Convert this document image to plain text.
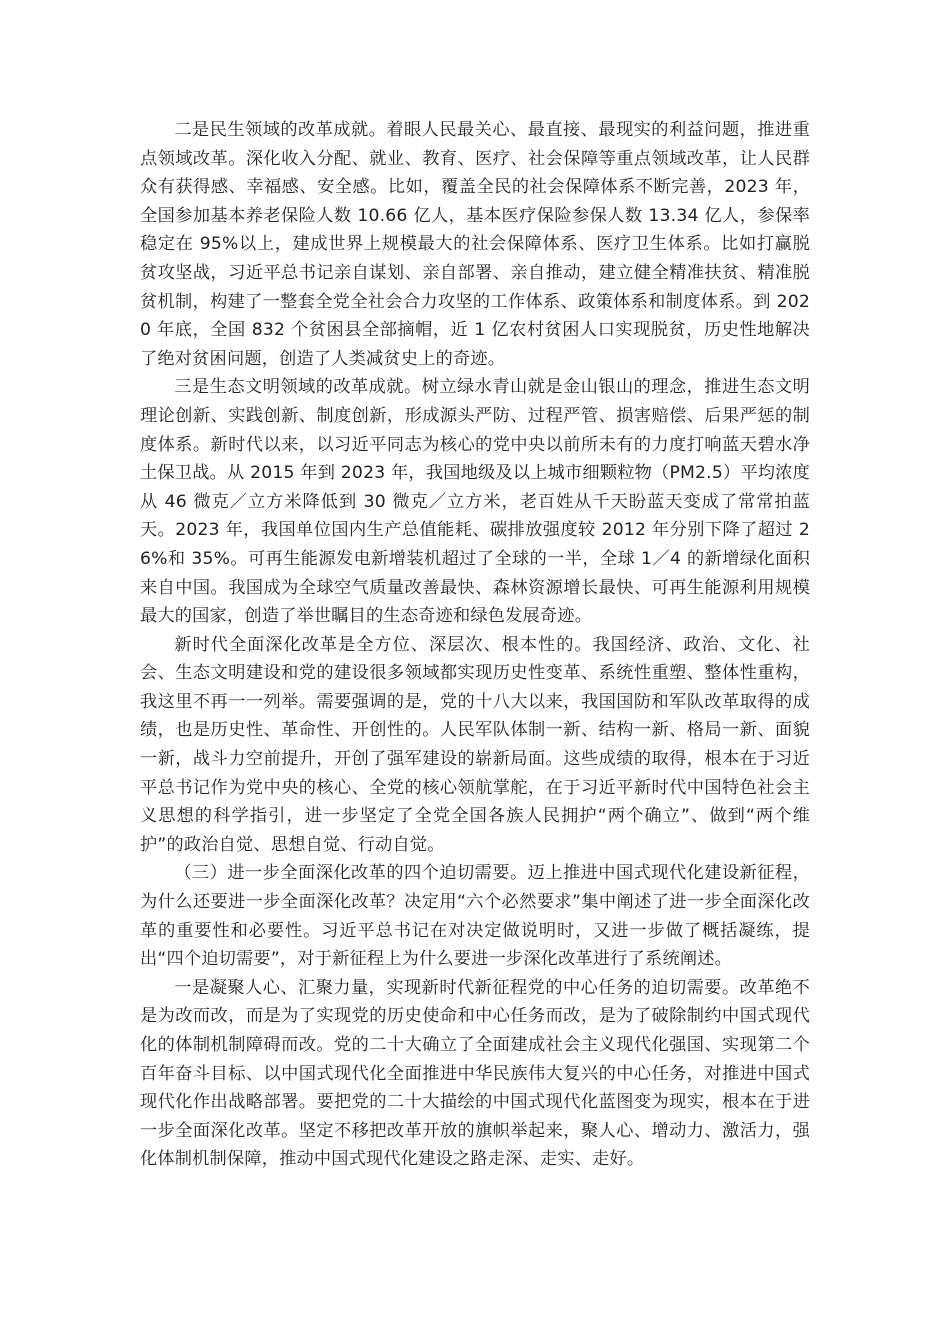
二是民生领域的改革成就。着眼人民最关心、最直接、最现实的利益问题，推进重点领域改革。深化收入分配、就业、教育、医疗、社会保障等重点领域改革，让人民群众有获得感、幸福感、安全感。比如，覆盖全民的社会保障体系不断完善，2023 年，全国参加基本养老保险人数 10.66 亿人，基本医疗保险参保人数 13.34 亿人，参保率稳定在 95%以上，建成世界上规模最大的社会保障体系、医疗卫生体系。比如打赢脱贫攻坚战，习近平总书记亲自谋划、亲自部署、亲自推动，建立健全精准扶贫、精准脱贫机制，构建了一整套全党全社会合力攻坚的工作体系、政策体系和制度体系。到 2020 年底，全国 832 个贫困县全部摘帽，近 1 亿农村贫困人口实现脱贫，历史性地解决了绝对贫困问题，创造了人类减贫史上的奇迹。

三是生态文明领域的改革成就。树立绿水青山就是金山银山的理念，推进生态文明理论创新、实践创新、制度创新，形成源头严防、过程严管、损害赔偿、后果严惩的制度体系。新时代以来，以习近平同志为核心的党中央以前所未有的力度打响蓝天碧水净土保卫战。从 2015 年到 2023 年，我国地级及以上城市细颗粒物（PM2.5）平均浓度从 46 微克／立方米降低到 30 微克／立方米，老百姓从千天盼蓝天变成了常常拍蓝天。2023 年，我国单位国内生产总值能耗、碳排放强度较 2012 年分别下降了超过 26%和 35%。可再生能源发电新增装机超过了全球的一半，全球 1／4 的新增绿化面积来自中国。我国成为全球空气质量改善最快、森林资源增长最快、可再生能源利用规模最大的国家，创造了举世瞩目的生态奇迹和绿色发展奇迹。

新时代全面深化改革是全方位、深层次、根本性的。我国经济、政治、文化、社会、生态文明建设和党的建设很多领域都实现历史性变革、系统性重塑、整体性重构，我这里不再一一列举。需要强调的是，党的十八大以来，我国国防和军队改革取得的成绩，也是历史性、革命性、开创性的。人民军队体制一新、结构一新、格局一新、面貌一新，战斗力空前提升，开创了强军建设的崭新局面。这些成绩的取得，根本在于习近平总书记作为党中央的核心、全党的核心领航掌舵，在于习近平新时代中国特色社会主义思想的科学指引，进一步坚定了全党全国各族人民拥护“两个确立”、做到“两个维护”的政治自觉、思想自觉、行动自觉。

（三）进一步全面深化改革的四个迫切需要。迈上推进中国式现代化建设新征程，为什么还要进一步全面深化改革？决定用“六个必然要求”集中阐述了进一步全面深化改革的重要性和必要性。习近平总书记在对决定做说明时，又进一步做了概括凝练，提出“四个迫切需要”，对于新征程上为什么要进一步深化改革进行了系统阐述。

一是凝聚人心、汇聚力量，实现新时代新征程党的中心任务的迫切需要。改革绝不是为改而改，而是为了实现党的历史使命和中心任务而改，是为了破除制约中国式现代化的体制机制障碍而改。党的二十大确立了全面建成社会主义现代化强国、实现第二个百年奋斗目标、以中国式现代化全面推进中华民族伟大复兴的中心任务，对推进中国式现代化作出战略部署。要把党的二十大描绘的中国式现代化蓝图变为现实，根本在于进一步全面深化改革。坚定不移把改革开放的旗帜举起来，聚人心、增动力、激活力，强化体制机制保障，推动中国式现代化建设之路走深、走实、走好。
